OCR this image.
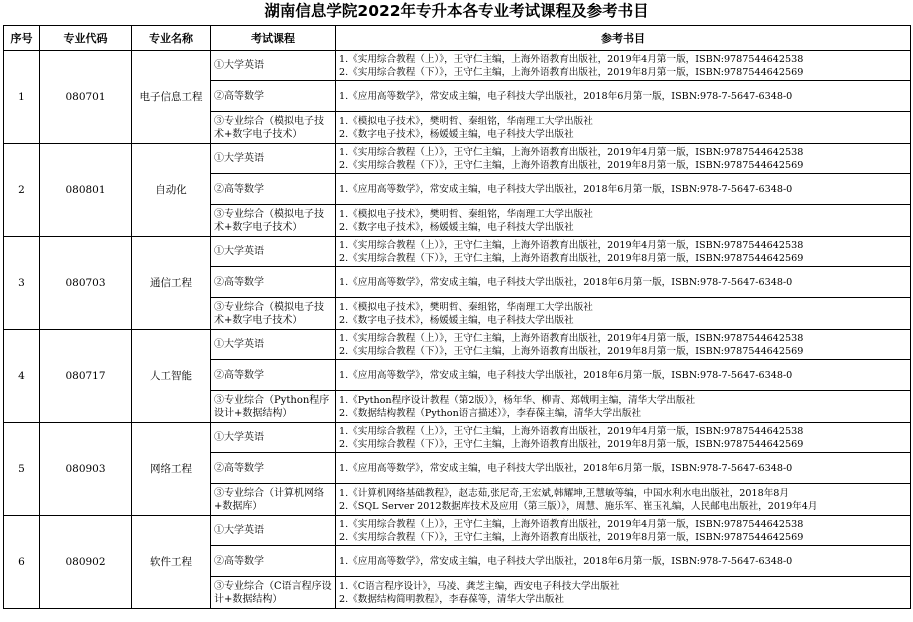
湖南信息学院2022年专升本各专业考试课程及参考书目
序号	专业代码	专业名称	考试课程	参考书目
1	080701	电子信息工程	①大学英语	1.《实用综合教程（上）》，王守仁主编，上海外语教育出版社，2019年4月第一版，ISBN:9787544642538
2.《实用综合教程（下）》，王守仁主编，上海外语教育出版社，2019年8月第一版，ISBN:9787544642569

			②高等数学	1.《应用高等数学》，常安成主编，电子科技大学出版社，2018年6月第一版，ISBN:978-7-5647-6348-0

			③专业综合（模拟电子技术+数字电子技术）	1.《模拟电子技术》，樊明哲、秦组铭，华南理工大学出版社
2.《数字电子技术》，杨媛媛主编，电子科技大学出版社

2	080801	自动化	①大学英语	1.《实用综合教程（上）》，王守仁主编，上海外语教育出版社，2019年4月第一版，ISBN:9787544642538
2.《实用综合教程（下）》，王守仁主编，上海外语教育出版社，2019年8月第一版，ISBN:9787544642569

			②高等数学	1.《应用高等数学》，常安成主编，电子科技大学出版社，2018年6月第一版，ISBN:978-7-5647-6348-0

			③专业综合（模拟电子技术+数字电子技术）	1.《模拟电子技术》，樊明哲、秦组铭，华南理工大学出版社
2.《数字电子技术》，杨媛媛主编，电子科技大学出版社

3	080703	通信工程	①大学英语	1.《实用综合教程（上）》，王守仁主编，上海外语教育出版社，2019年4月第一版，ISBN:9787544642538
2.《实用综合教程（下）》，王守仁主编，上海外语教育出版社，2019年8月第一版，ISBN:9787544642569

			②高等数学	1.《应用高等数学》，常安成主编，电子科技大学出版社，2018年6月第一版，ISBN:978-7-5647-6348-0

			③专业综合（模拟电子技术+数字电子技术）	1.《模拟电子技术》，樊明哲、秦组铭，华南理工大学出版社
2.《数字电子技术》，杨媛媛主编，电子科技大学出版社

4	080717	人工智能	①大学英语	1.《实用综合教程（上）》，王守仁主编，上海外语教育出版社，2019年4月第一版，ISBN:9787544642538
2.《实用综合教程（下）》，王守仁主编，上海外语教育出版社，2019年8月第一版，ISBN:9787544642569

			②高等数学	1.《应用高等数学》，常安成主编，电子科技大学出版社，2018年6月第一版，ISBN:978-7-5647-6348-0

			③专业综合（Python程序设计+数据结构）	1.《Python程序设计教程（第2版）》，杨年华、柳青、郑戟明主编，清华大学出版社
2.《数据结构教程（Python语言描述）》，李春葆主编，清华大学出版社

5	080903	网络工程	①大学英语	1.《实用综合教程（上）》，王守仁主编，上海外语教育出版社，2019年4月第一版，ISBN:9787544642538
2.《实用综合教程（下）》，王守仁主编，上海外语教育出版社，2019年8月第一版，ISBN:9787544642569

			②高等数学	1.《应用高等数学》，常安成主编，电子科技大学出版社，2018年6月第一版，ISBN:978-7-5647-6348-0

			③专业综合（计算机网络+数据库）	1.《计算机网络基础教程》，赵志茹,张尼奇,王宏斌,韩耀坤,王慧敏等编，中国水利水电出版社，2018年8月
2.《SQL Server 2012数据库技术及应用（第三版）》，周慧、施乐军、崔玉礼编，人民邮电出版社，2019年4月

6	080902	软件工程	①大学英语	1.《实用综合教程（上）》，王守仁主编，上海外语教育出版社，2019年4月第一版，ISBN:9787544642538
2.《实用综合教程（下）》，王守仁主编，上海外语教育出版社，2019年8月第一版，ISBN:9787544642569

			②高等数学	1.《应用高等数学》，常安成主编，电子科技大学出版社，2018年6月第一版，ISBN:978-7-5647-6348-0

			③专业综合（C语言程序设计+数据结构）	1.《C语言程序设计》，马凌、龚芝主编，西安电子科技大学出版社
2.《数据结构简明教程》，李春葆等，清华大学出版社
